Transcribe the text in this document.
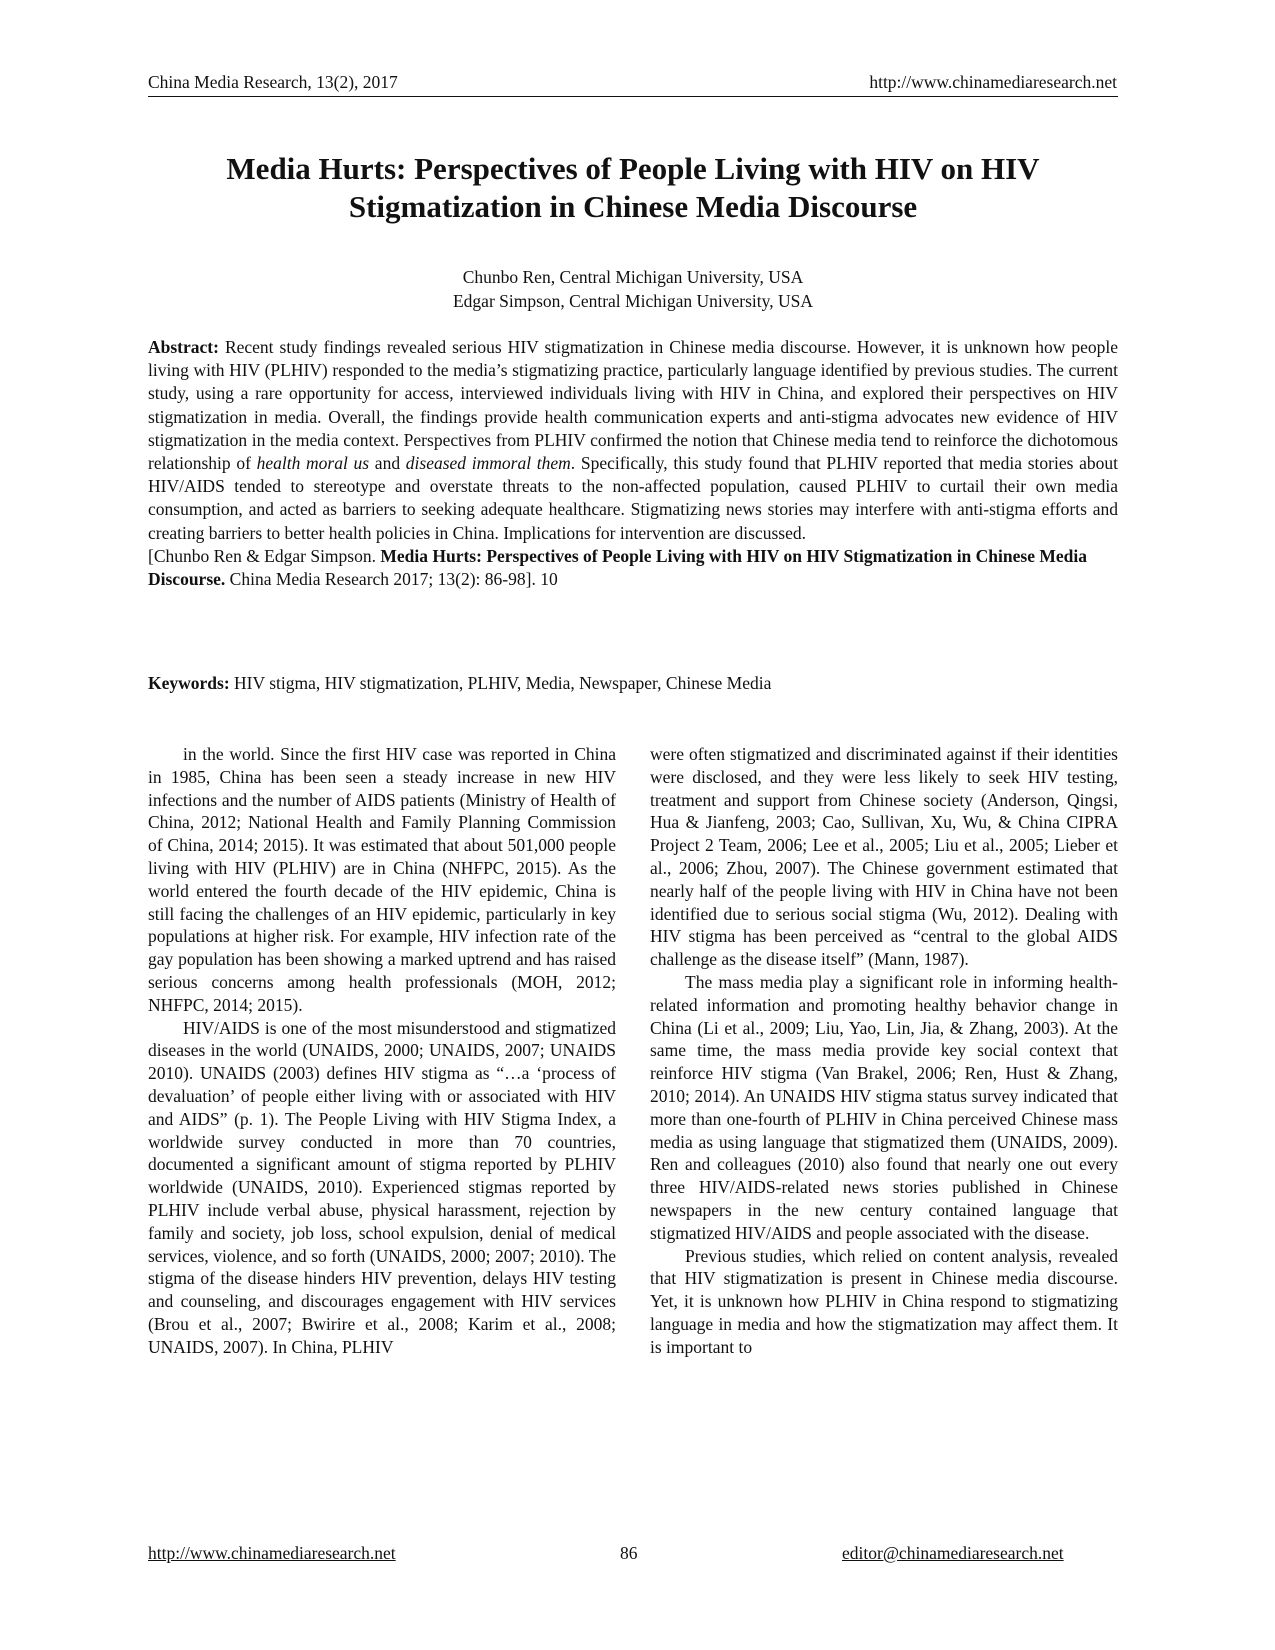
China Media Research, 13(2), 2017	http://www.chinamediaresearch.net
Media Hurts: Perspectives of People Living with HIV on HIV
Stigmatization in Chinese Media Discourse
Chunbo Ren, Central Michigan University, USA
Edgar Simpson, Central Michigan University, USA
Abstract: Recent study findings revealed serious HIV stigmatization in Chinese media discourse. However, it is unknown how people living with HIV (PLHIV) responded to the media’s stigmatizing practice, particularly language identified by previous studies. The current study, using a rare opportunity for access, interviewed individuals living with HIV in China, and explored their perspectives on HIV stigmatization in media. Overall, the findings provide health communication experts and anti-stigma advocates new evidence of HIV stigmatization in the media context. Perspectives from PLHIV confirmed the notion that Chinese media tend to reinforce the dichotomous relationship of health moral us and diseased immoral them. Specifically, this study found that PLHIV reported that media stories about HIV/AIDS tended to stereotype and overstate threats to the non-affected population, caused PLHIV to curtail their own media consumption, and acted as barriers to seeking adequate healthcare. Stigmatizing news stories may interfere with anti-stigma efforts and creating barriers to better health policies in China. Implications for intervention are discussed.
[Chunbo Ren & Edgar Simpson. Media Hurts: Perspectives of People Living with HIV on HIV Stigmatization in Chinese Media Discourse. China Media Research 2017; 13(2): 86-98]. 10
Keywords: HIV stigma, HIV stigmatization, PLHIV, Media, Newspaper, Chinese Media

in the world. Since the first HIV case was reported in China in 1985, China has been seen a steady increase in new HIV infections and the number of AIDS patients (Ministry of Health of China, 2012; National Health and Family Planning Commission of China, 2014; 2015). It was estimated that about 501,000 people living with HIV (PLHIV) are in China (NHFPC, 2015). As the world entered the fourth decade of the HIV epidemic, China is still facing the challenges of an HIV epidemic, particularly in key populations at higher risk. For example, HIV infection rate of the gay population has been showing a marked uptrend and has raised serious concerns among health professionals (MOH, 2012; NHFPC, 2014; 2015).

HIV/AIDS is one of the most misunderstood and stigmatized diseases in the world (UNAIDS, 2000; UNAIDS, 2007; UNAIDS 2010). UNAIDS (2003) defines HIV stigma as “…a ‘process of devaluation’ of people either living with or associated with HIV and AIDS” (p. 1). The People Living with HIV Stigma Index, a worldwide survey conducted in more than 70 countries, documented a significant amount of stigma reported by PLHIV worldwide (UNAIDS, 2010). Experienced stigmas reported by PLHIV include verbal abuse, physical harassment, rejection by family and society, job loss, school expulsion, denial of medical services, violence, and so forth (UNAIDS, 2000; 2007; 2010). The stigma of the disease hinders HIV prevention, delays HIV testing and counseling, and discourages engagement with HIV services (Brou et al., 2007; Bwirire et al., 2008; Karim et al., 2008; UNAIDS, 2007). In China, PLHIV

were often stigmatized and discriminated against if their identities were disclosed, and they were less likely to seek HIV testing, treatment and support from Chinese society (Anderson, Qingsi, Hua & Jianfeng, 2003; Cao, Sullivan, Xu, Wu, & China CIPRA Project 2 Team, 2006; Lee et al., 2005; Liu et al., 2005; Lieber et al., 2006; Zhou, 2007). The Chinese government estimated that nearly half of the people living with HIV in China have not been identified due to serious social stigma (Wu, 2012). Dealing with HIV stigma has been perceived as “central to the global AIDS challenge as the disease itself” (Mann, 1987).

The mass media play a significant role in informing health-related information and promoting healthy behavior change in China (Li et al., 2009; Liu, Yao, Lin, Jia, & Zhang, 2003). At the same time, the mass media provide key social context that reinforce HIV stigma (Van Brakel, 2006; Ren, Hust & Zhang, 2010; 2014). An UNAIDS HIV stigma status survey indicated that more than one-fourth of PLHIV in China perceived Chinese mass media as using language that stigmatized them (UNAIDS, 2009). Ren and colleagues (2010) also found that nearly one out every three HIV/AIDS-related news stories published in Chinese newspapers in the new century contained language that stigmatized HIV/AIDS and people associated with the disease.

Previous studies, which relied on content analysis, revealed that HIV stigmatization is present in Chinese media discourse. Yet, it is unknown how PLHIV in China respond to stigmatizing language in media and how the stigmatization may affect them. It is important to

http://www.chinamediaresearch.net	86	editor@chinamediaresearch.net
